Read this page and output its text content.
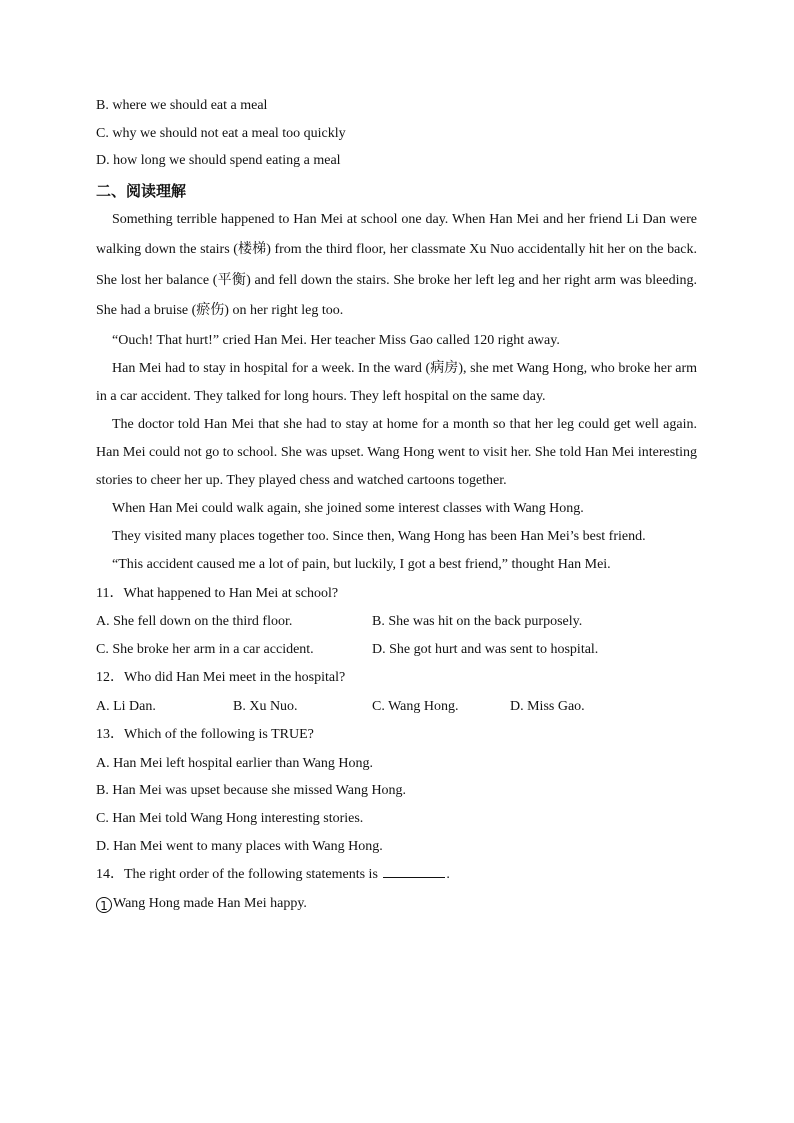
B. where we should eat a meal
C. why we should not eat a meal too quickly
D. how long we should spend eating a meal
二、阅读理解

Something terrible happened to Han Mei at school one day. When Han Mei and her friend Li Dan were walking down the stairs (楼梯) from the third floor, her classmate Xu Nuo accidentally hit her on the back. She lost her balance (平衡) and fell down the stairs. She broke her left leg and her right arm was bleeding. She had a bruise (瘀伤) on her right leg too.

“Ouch! That hurt!” cried Han Mei. Her teacher Miss Gao called 120 right away.

Han Mei had to stay in hospital for a week. In the ward (病房), she met Wang Hong, who broke her arm in a car accident. They talked for long hours. They left hospital on the same day.

The doctor told Han Mei that she had to stay at home for a month so that her leg could get well again. Han Mei could not go to school. She was upset. Wang Hong went to visit her. She told Han Mei interesting stories to cheer her up. They played chess and watched cartoons together.

When Han Mei could walk again, she joined some interest classes with Wang Hong.

They visited many places together too. Since then, Wang Hong has been Han Mei’s best friend.

“This accident caused me a lot of pain, but luckily, I got a best friend,” thought Han Mei.

11．What happened to Han Mei at school?
A. She fell down on the third floor.	B. She was hit on the back purposely.
C. She broke her arm in a car accident.	D. She got hurt and was sent to hospital.
12．Who did Han Mei meet in the hospital?
A. Li Dan.	B. Xu Nuo.	C. Wang Hong.	D. Miss Gao.
13．Which of the following is TRUE?
A. Han Mei left hospital earlier than Wang Hong.
B. Han Mei was upset because she missed Wang Hong.
C. Han Mei told Wang Hong interesting stories.
D. Han Mei went to many places with Wang Hong.
14．The right order of the following statements is	.
1 Wang Hong made Han Mei happy.
